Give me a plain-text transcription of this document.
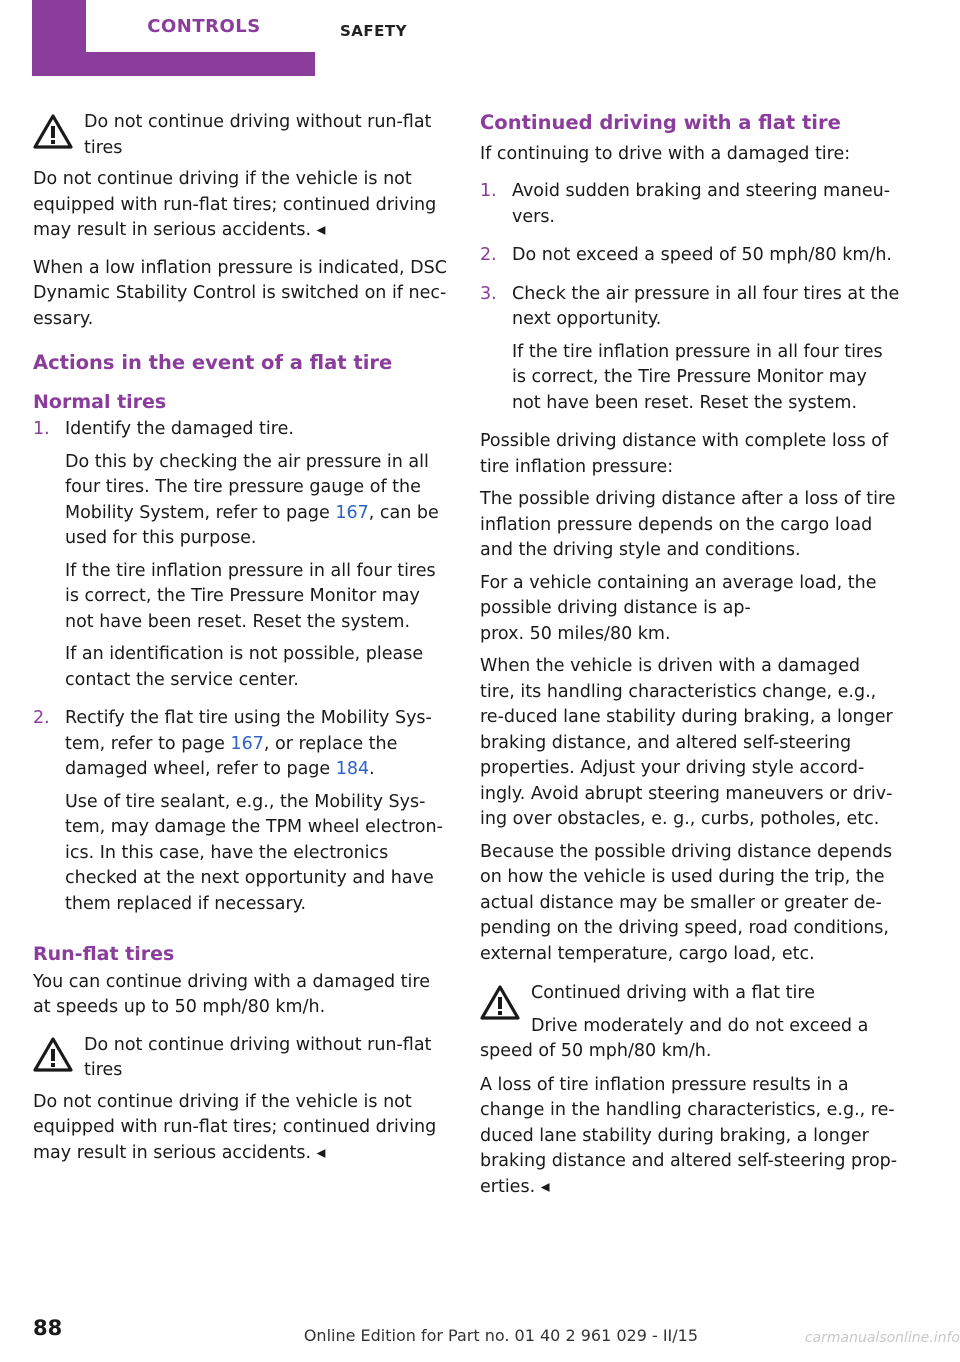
CONTROLS	SAFETY
Do not continue driving without run-flat tires

Do not continue driving if the vehicle is not equipped with run-flat tires; continued driving may result in serious accidents. ◂

When a low inflation pressure is indicated, DSC Dynamic Stability Control is switched on if nec‐essary.

Actions in the event of a flat tire
Normal tires
1. Identify the damaged tire.

Do this by checking the air pressure in all four tires. The tire pressure gauge of the Mobility System, refer to page 167, can be used for this purpose.

If the tire inflation pressure in all four tires is correct, the Tire Pressure Monitor may not have been reset. Reset the system.

If an identification is not possible, please contact the service center.

2. Rectify the flat tire using the Mobility Sys‐tem, refer to page 167, or replace the damaged wheel, refer to page 184.

Use of tire sealant, e.g., the Mobility Sys‐tem, may damage the TPM wheel electron‐ics. In this case, have the electronics checked at the next opportunity and have them replaced if necessary.

Run-flat tires

You can continue driving with a damaged tire at speeds up to 50 mph/80 km/h.

Do not continue driving without run-flat tires

Do not continue driving if the vehicle is not equipped with run-flat tires; continued driving may result in serious accidents. ◂

Continued driving with a flat tire

If continuing to drive with a damaged tire:

1. Avoid sudden braking and steering maneu‐vers.

2. Do not exceed a speed of 50 mph/80 km/h.

3. Check the air pressure in all four tires at the next opportunity.

If the tire inflation pressure in all four tires is correct, the Tire Pressure Monitor may not have been reset. Reset the system.

Possible driving distance with complete loss of tire inflation pressure:

The possible driving distance after a loss of tire inflation pressure depends on the cargo load and the driving style and conditions.

For a vehicle containing an average load, the possible driving distance is ap‐
prox. 50 miles/80 km.

When the vehicle is driven with a damaged tire, its handling characteristics change, e.g., re‐duced lane stability during braking, a longer braking distance, and altered self-steering properties. Adjust your driving style accord‐ingly. Avoid abrupt steering maneuvers or driv‐ing over obstacles, e. g., curbs, potholes, etc.

Because the possible driving distance depends on how the vehicle is used during the trip, the actual distance may be smaller or greater de‐pending on the driving speed, road conditions, external temperature, cargo load, etc.

Continued driving with a flat tire
Drive moderately and do not exceed a

speed of 50 mph/80 km/h.

A loss of tire inflation pressure results in a change in the handling characteristics, e.g., re‐duced lane stability during braking, a longer braking distance and altered self-steering prop‐erties. ◂

88	Online Edition for Part no. 01 40 2 961 029 - II/15	carmanualsonline.info
